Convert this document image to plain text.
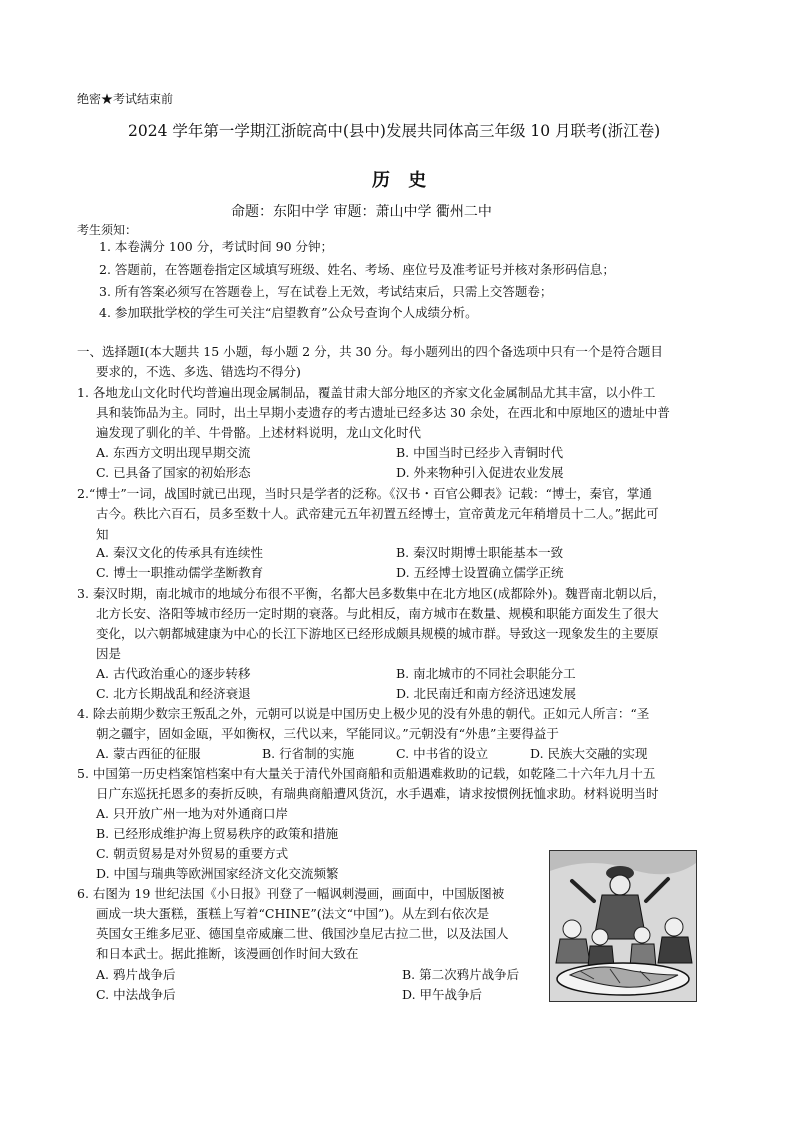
绝密★考试结束前
2024 学年第一学期江浙皖高中(县中)发展共同体高三年级 10 月联考(浙江卷)
历 史
命题：东阳中学 审题：萧山中学 衢州二中
考生须知：
1. 本卷满分 100 分，考试时间 90 分钟；
2. 答题前，在答题卷指定区域填写班级、姓名、考场、座位号及准考证号并核对条形码信息；
3. 所有答案必须写在答题卷上，写在试卷上无效，考试结束后，只需上交答题卷；
4. 参加联批学校的学生可关注“启望教育”公众号查询个人成绩分析。
一、选择题Ⅰ(本大题共 15 小题，每小题 2 分，共 30 分。每小题列出的四个备选项中只有一个是符合题目
要求的，不选、多选、错选均不得分)
1. 各地龙山文化时代均普遍出现金属制品，覆盖甘肃大部分地区的齐家文化金属制品尤其丰富，以小件工
具和装饰品为主。同时，出土早期小麦遗存的考古遗址已经多达 30 余处，在西北和中原地区的遗址中普
遍发现了驯化的羊、牛骨骼。上述材料说明，龙山文化时代
A. 东西方文明出现早期交流	B. 中国当时已经步入青铜时代
C. 已具备了国家的初始形态	D. 外来物种引入促进农业发展
2.“博士”一词，战国时就已出现，当时只是学者的泛称。《汉书・百官公卿表》记载：“博士，秦官，掌通
古今。秩比六百石，员多至数十人。武帝建元五年初置五经博士，宣帝黄龙元年稍增员十二人。”据此可
知
A. 秦汉文化的传承具有连续性	B. 秦汉时期博士职能基本一致
C. 博士一职推动儒学垄断教育	D. 五经博士设置确立儒学正统
3. 秦汉时期，南北城市的地域分布很不平衡，名都大邑多数集中在北方地区(成都除外)。魏晋南北朝以后，
北方长安、洛阳等城市经历一定时期的衰落。与此相反，南方城市在数量、规模和职能方面发生了很大
变化，以六朝都城建康为中心的长江下游地区已经形成颇具规模的城市群。导致这一现象发生的主要原
因是
A. 古代政治重心的逐步转移	B. 南北城市的不同社会职能分工
C. 北方长期战乱和经济衰退	D. 北民南迁和南方经济迅速发展
4. 除去前期少数宗王叛乱之外，元朝可以说是中国历史上极少见的没有外患的朝代。正如元人所言：“圣
朝之疆宇，固如金瓯，平如衡权，三代以来，罕能同议。”元朝没有“外患”主要得益于
A. 蒙古西征的征服	B. 行省制的实施	C. 中书省的设立	D. 民族大交融的实现
5. 中国第一历史档案馆档案中有大量关于清代外国商船和贡船遇难救助的记载，如乾隆二十六年九月十五
日广东巡抚托恩多的奏折反映，有瑞典商船遭风货沉，水手遇难，请求按惯例抚恤求助。材料说明当时
A. 只开放广州一地为对外通商口岸
B. 已经形成维护海上贸易秩序的政策和措施
C. 朝贡贸易是对外贸易的重要方式
D. 中国与瑞典等欧洲国家经济文化交流频繁
6. 右图为 19 世纪法国《小日报》刊登了一幅讽刺漫画，画面中，中国版图被
画成一块大蛋糕，蛋糕上写着“CHINE”(法文“中国”)。从左到右依次是
英国女王维多尼亚、德国皇帝威廉二世、俄国沙皇尼古拉二世，以及法国人
和日本武士。据此推断，该漫画创作时间大致在
A. 鸦片战争后	B. 第二次鸦片战争后
C. 中法战争后	D. 甲午战争后
